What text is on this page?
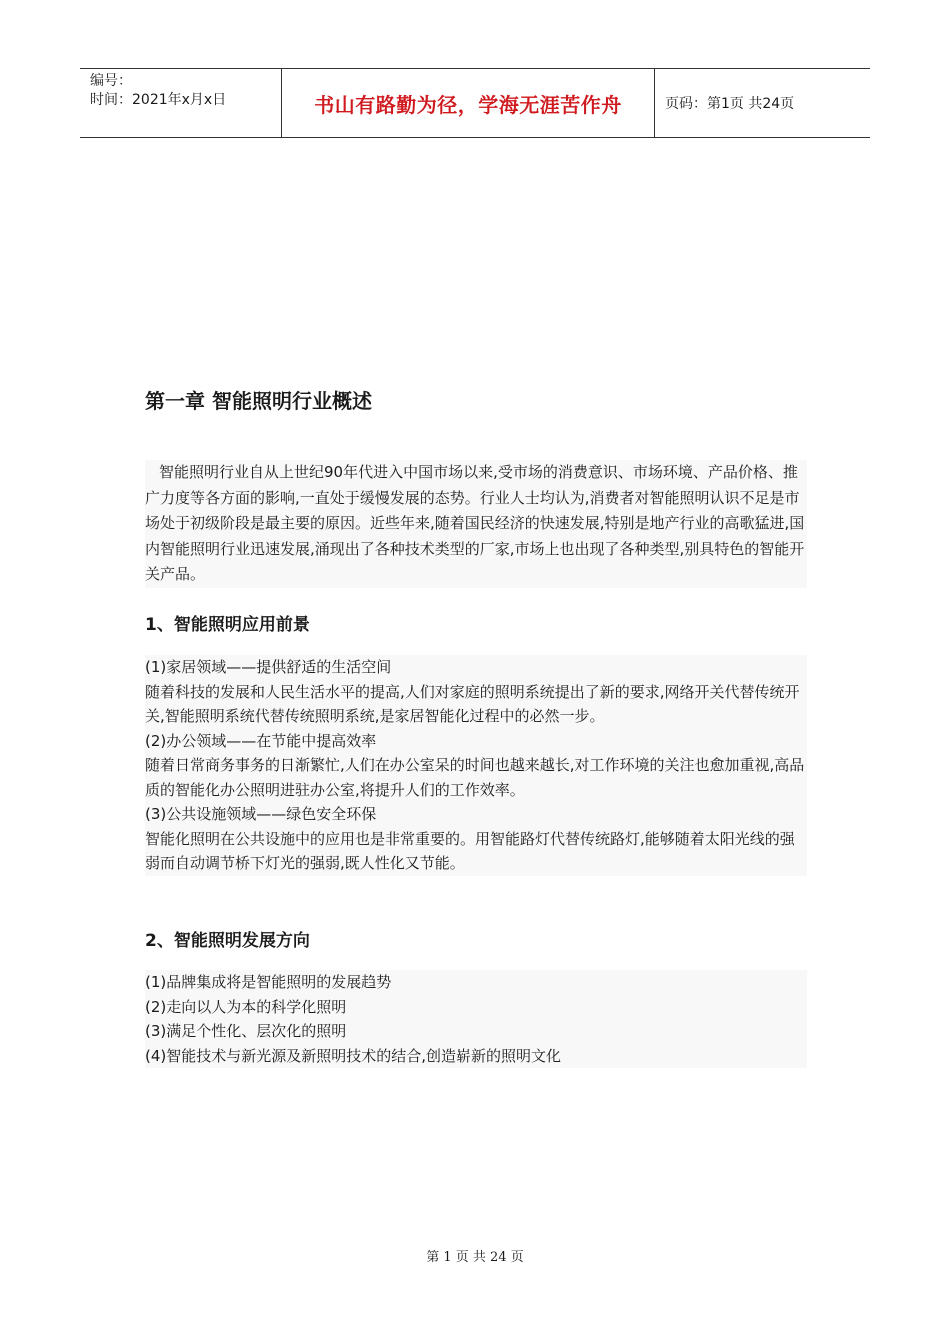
编号：
时间：2021年x月x日	书山有路勤为径，学海无涯苦作舟	页码：第1页 共24页
第一章 智能照明行业概述
智能照明行业自从上世纪90年代进入中国市场以来,受市场的消费意识、市场环境、产品价格、推广力度等各方面的影响,一直处于缓慢发展的态势。行业人士均认为,消费者对智能照明认识不足是市场处于初级阶段是最主要的原因。近些年来,随着国民经济的快速发展,特别是地产行业的高歌猛进,国内智能照明行业迅速发展,涌现出了各种技术类型的厂家,市场上也出现了各种类型,别具特色的智能开关产品。
1、智能照明应用前景
(1)家居领域——提供舒适的生活空间
随着科技的发展和人民生活水平的提高,人们对家庭的照明系统提出了新的要求,网络开关代替传统开关,智能照明系统代替传统照明系统,是家居智能化过程中的必然一步。
(2)办公领域——在节能中提高效率
随着日常商务事务的日渐繁忙,人们在办公室呆的时间也越来越长,对工作环境的关注也愈加重视,高品质的智能化办公照明进驻办公室,将提升人们的工作效率。
(3)公共设施领域——绿色安全环保
智能化照明在公共设施中的应用也是非常重要的。用智能路灯代替传统路灯,能够随着太阳光线的强弱而自动调节桥下灯光的强弱,既人性化又节能。
2、智能照明发展方向
(1)品牌集成将是智能照明的发展趋势
(2)走向以人为本的科学化照明
(3)满足个性化、层次化的照明
(4)智能技术与新光源及新照明技术的结合,创造崭新的照明文化
第 1 页 共 24 页
